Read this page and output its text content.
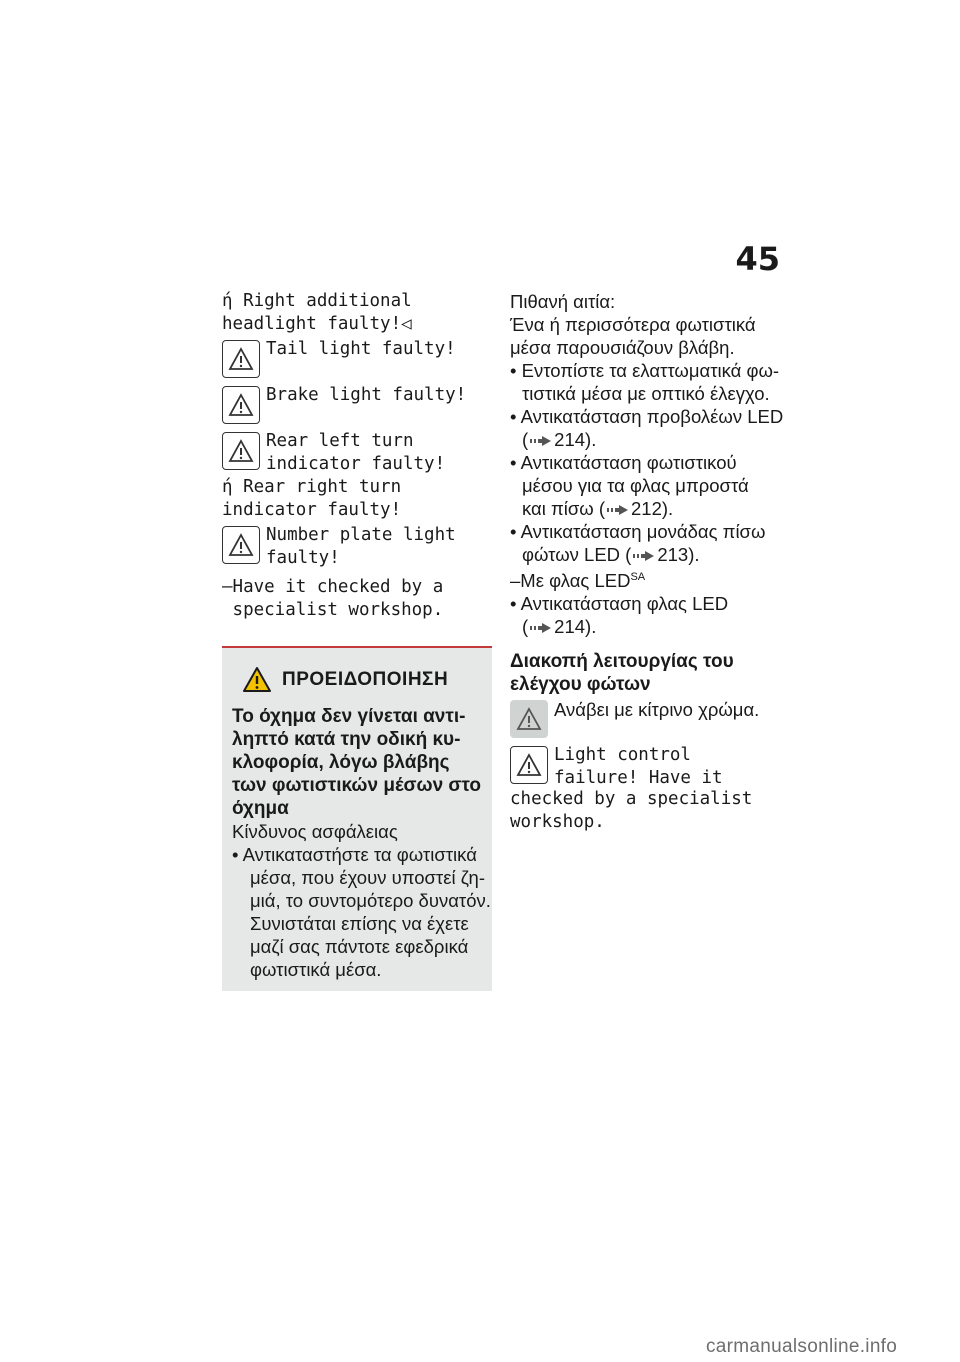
45
ή Right additional
headlight faulty!◁
Tail light faulty!
Brake light faulty!
Rear left turn
indicator faulty!
ή Rear right turn
indicator faulty!
Number plate light
faulty!
–Have it checked by a
specialist workshop.
ΠΡΟΕΙΔΟΠΟΙΗΣΗ
Το όχημα δεν γίνεται αντι-
ληπτό κατά την οδική κυ-
κλοφορία, λόγω βλάβης
των φωτιστικών μέσων στο
όχημα
Κίνδυνος ασφάλειας
• Αντικαταστήστε τα φωτιστικά
μέσα, που έχουν υποστεί ζη-
μιά, το συντομότερο δυνατόν.
Συνιστάται επίσης να έχετε
μαζί σας πάντοτε εφεδρικά
φωτιστικά μέσα.
Πιθανή αιτία:
Ένα ή περισσότερα φωτιστικά
μέσα παρουσιάζουν βλάβη.
• Εντοπίστε τα ελαττωματικά φω-
τιστικά μέσα με οπτικό έλεγχο.
• Αντικατάσταση προβολέων LED
( 214).
• Αντικατάσταση φωτιστικού
μέσου για τα φλας μπροστά
και πίσω ( 212).
• Αντικατάσταση μονάδας πίσω
φώτων LED ( 213).
–Με φλας $LED^{SA}$
• Αντικατάσταση φλας LED
( 214).
Διακοπή λειτουργίας του
ελέγχου φώτων
Ανάβει με κίτρινο χρώμα.
Light control
failure! Have it
checked by a specialist
workshop.
carmanualsonline.info
